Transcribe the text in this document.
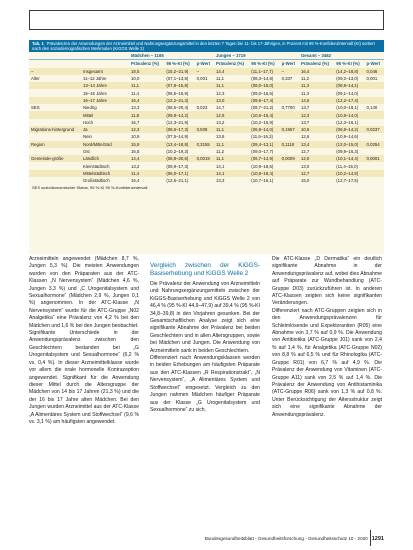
Tab. 1 Prävalenzen der Anwendungen der Arzneimittel und Nahrungsergänzungsmittel in den letzten 7 Tagen bei 11- bis 17-Jährigen, in Prozent mit 95 %-Konfidenzintervall (KI) sortiert nach den soziodemografischen Merkmalen (KiGGS Welle 2)
		Mädchen – 1165			Jungen – 1719			Gesamt – 3462		
		Prävalenz (%)	95 %-KI (%)	p-Wert	Prävalenz (%)	95 %-KI (%)	p-Wert	Prävalenz (%)	95 %-KI (%)	p-Wert
–	Insgesamt	18,5	(15,2–21,9)	–	14,4	(11,1–17,7)	–	16,4	(14,2–18,8)	0,046
Alter	11–12 Jahre	10,0	(07,1–13,8)	0,001	11,1	(08,3–14,8)	0,337	11,2	(09,2–13,0)	0,001
	13–14 Jahre	11,1	(07,8–15,8)		11,1	(08,0–15,0)		11,3	(08,8–14,1)	
	15–16 Jahre	11,4	(06,5–16,9)		12,3	(09,0–16,6)		11,3	(09,1–14,0)	
	16–17 Jahre	16,4	(12,2–21,3)		13,0	(09,6–17,4)		14,6	(12,2–17,4)	
SES	Niedrig	13,3	(08,5–20,4)	0,023	14,7	(09,7–21,2)	0,7700	13,7	(10,0–19,1)	0,140
	Mittel	11,8	(09,9–14,2)		12,9	(10,6–15,4)		12,3	(10,8–14,0)	
	Hoch	16,7	(12,3–21,9)		13,2	(10,2–16,9)		13,7	(12,3–16,1)	
Migrations-hintergrund	Ja	12,3	(08,6–17,3)	0,508	11,1	(06,8–14,0)	0,1967	10,6	(06,9–14,2)	0,0237
	Nein	10,9	(07,5–14,9)		13,8	(11,6–16,3)		12,6	(10,9–14,6)	
Region	Nord/Mitte/Süd	15,9	(13,4–18,8)	0,3155	11,1	(09,4–13,1)	0,1118	13,4	(12,0–15,0)	0,0254
	Ost	16,5	(10,2–19,3)		11,2	(09,0–17,7)		12,7	(09,9–16,3)	
Gemeinde-größe	Ländlich	14,4	(08,8–20,6)	0,0019	11,1	(06,7–14,9)	0,0009	12,0	(10,1–14,4)	0,0001
	Kleinstädtisch	13,2	(09,9–17,3)		14,1	(10,9–18,5)		13,0	(11,4–15,0)	
	Mittelstädtisch	11,4	(06,0–17,1)		14,1	(10,9–18,4)		12,7	(10,2–14,8)	
	Großstädtisch	16,4	(12,5–21,1)		13,3	(10,7–16,1)		15,0	(12,7–17,5)	
SES sozioökonomischer Status, 95 %-KI 95 %-Konfidenzintervall

Arzneimitteln angewendet (Mädchen 8,7 %, Jungen 5,3 %). Die meisten Anwendungen wurden von den Präparaten aus der ATC-Klassen „N Nervensystem“ (Mädchen 4,6 %, Jungen 3,3 %) und „C Urogenitalsystem und Sexualhormone“ (Mädchen 2,9 %, Jungen 0,1 %) angenommen. In der ATC-Klasse „N Nervensystem“ wurde für die ATC-Gruppe „N02 Analgetika“ eine Prävalenz von 4,2 % bei den Mädchen und 1,6 % bei den Jungen beobachtet.
Signifikante Unterschiede in der Anwendungsprävalenz zwischen den Geschlechtern bestanden bei „G Urogenitalsystem und Sexualhormone“ (6,2 % vs. 0,4 %). In dieser Arzneimittelklasse wurde vor allem die orale hormonelle Kontrazeption angewendet. Signifikant für die Anwendung dieser Mittel durch die Altersgruppe der Mädchen von 14 bis 17 Jahren (21,3 %) und die der 16 bis 17 Jahre alten Mädchen. Bei den Jungen wurden Arzneimittel aus der ATC-Klasse „A Alimentäres System und Stoffwechsel“ (9,6 % vs. 3,1 %) am häufigsten angewendet.

Vergleich zwischen der KiGGS-Basiserhebung und KiGGS Welle 2

Die Prävalenz der Anwendung von Arzneimitteln und Nahrungsergänzungsmitteln zwischen der KiGGS-Basiserhebung und KiGGS Welle 2 von 46,4 % (95 %-KI 44,9–47,9) auf 39,4 % (95 %-KI 34,8–39,8) in den Vorjahren gesunken. Bei der Gesamtschaftlichen Analyse zeigt sich eine signifikante Abnahme der Prävalenz bei beiden Geschlechtern und in allen Altersgruppen, sowie bei Mädchen und Jungen. Die Anwendung von Arzneimitteln sank in beiden Geschlechtern.
Differenziert nach Anwendungsklassen werden in beiden Erhebungen am häufigsten Präparate aus den ATC-Klassen „R Respirationstrakt“, „N Nervensystem“, „A Alimentäres System und Stoffwechsel“ eingesetzt. Vergleich zu den Jungen nahmen Mädchen häufiger Präparate aus der Klasse „G Urogenitalsystem und Sexualhormone“ zu sich.

Die ATC-Klasse „D Dermatika“ ein deutlich signifikante Abnahme in der Anwendungsprävalenz auf, wobei dies Abnahme auf Präparate zur Wundbehandlung (ATC-Gruppe D03) zurückzuführen ist. In anderen ATC-Klassen zeigten sich keine signifikanten Veränderungen.
Differenziert nach ATC-Gruppen zeigten sich in den Anwendungsprävalenzen für Schleimlösende und Expektorantien (R05) eine Abnahme von 3,7 % auf 0,9 %. Die Anwendung von Antibiotika (ATC-Gruppe J01) sank von 2,4 % auf 1,4 %, für Analgetika (ATC-Gruppe N02) von 8,8 % auf 6,5 % und für Rhinologika (ATC-Gruppe R01) von 6,7 % auf 4,9 %. Die Prävalenz der Anwendung von Vitaminen (ATC-Gruppe A11) sank von 2,5 % auf 1,4 %. Die Prävalenz der Anwendung von Antihistaminika (ATC-Gruppe R06) sank von 1,3 % auf 0,8 %. Unter Berücksichtigung der Altersstruktur zeigt sich eine signifikante Abnahme der Anwendungsprävalenz.

Bundesgesundheitsblatt - Gesundheitsforschung - Gesundheitsschutz 10 · 2020 1291
